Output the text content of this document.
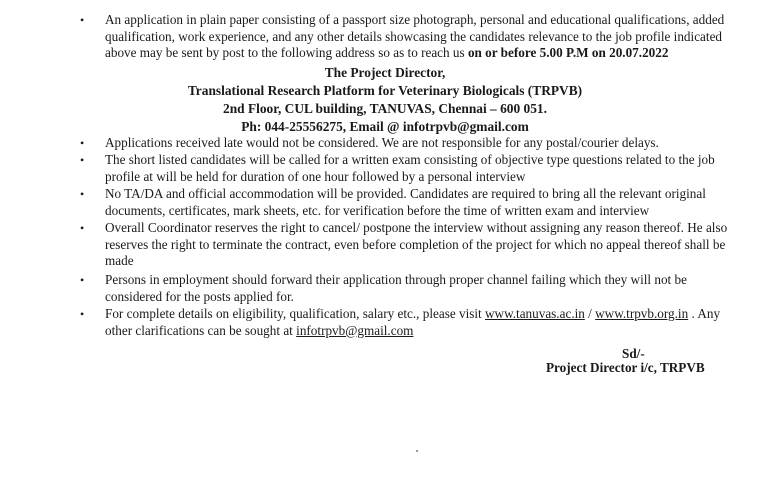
•	An application in plain paper consisting of a passport size photograph, personal and educational qualifications, added
qualification, work experience, and any other details showcasing the candidates relevance to the job profile indicated
above may be sent by post to the following address so as to reach us on or before 5.00 P.M on 20.07.2022
The Project Director,
Translational Research Platform for Veterinary Biologicals (TRPVB)
2nd Floor, CUL building, TANUVAS, Chennai – 600 051.
Ph: 044-25556275, Email @ infotrpvb@gmail.com
•	Applications received late would not be considered. We are not responsible for any postal/courier delays.
•	The short listed candidates will be called for a written exam consisting of objective type questions related to the job
profile at will be held for duration of one hour followed by a personal interview
•	No TA/DA and official accommodation will be provided. Candidates are required to bring all the relevant original
documents, certificates, mark sheets, etc. for verification before the time of written exam and interview
•	Overall Coordinator reserves the right to cancel/ postpone the interview without assigning any reason thereof. He also
reserves the right to terminate the contract, even before completion of the project for which no appeal thereof shall be
made
•	Persons in employment should forward their application through proper channel failing which they will not be
considered for the posts applied for.
•	For complete details on eligibility, qualification, salary etc., please visit www.tanuvas.ac.in / www.trpvb.org.in . Any
other clarifications can be sought at infotrpvb@gmail.com
Sd/-
Project Director i/c, TRPVB
